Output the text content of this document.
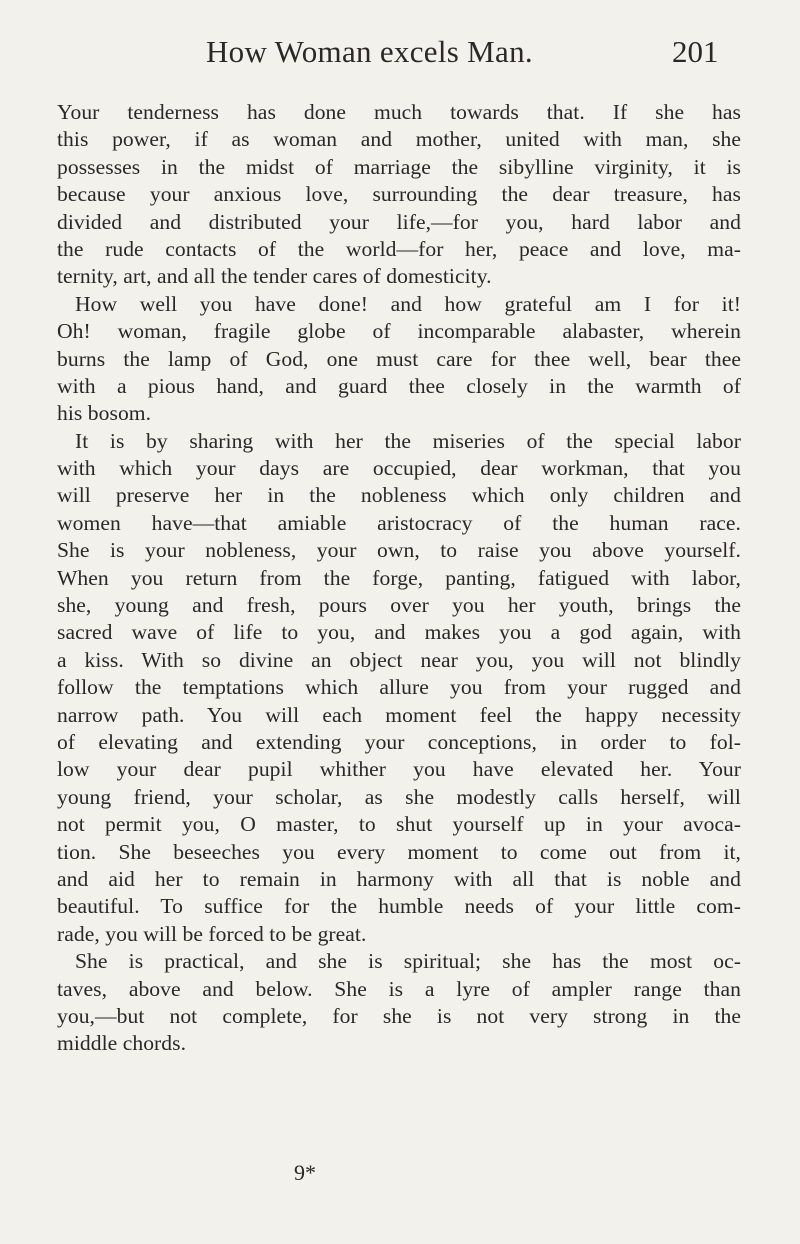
How Woman excels Man.	201
Your tenderness has done much towards that. If she has
this power, if as woman and mother, united with man, she
possesses in the midst of marriage the sibylline virginity, it is
because your anxious love, surrounding the dear treasure, has
divided and distributed your life,—for you, hard labor and
the rude contacts of the world—for her, peace and love, ma-
ternity, art, and all the tender cares of domesticity.
How well you have done! and how grateful am I for it!
Oh! woman, fragile globe of incomparable alabaster, wherein
burns the lamp of God, one must care for thee well, bear thee
with a pious hand, and guard thee closely in the warmth of
his bosom.
It is by sharing with her the miseries of the special labor
with which your days are occupied, dear workman, that you
will preserve her in the nobleness which only children and
women have—that amiable aristocracy of the human race.
She is your nobleness, your own, to raise you above yourself.
When you return from the forge, panting, fatigued with labor,
she, young and fresh, pours over you her youth, brings the
sacred wave of life to you, and makes you a god again, with
a kiss. With so divine an object near you, you will not blindly
follow the temptations which allure you from your rugged and
narrow path. You will each moment feel the happy necessity
of elevating and extending your conceptions, in order to fol-
low your dear pupil whither you have elevated her. Your
young friend, your scholar, as she modestly calls herself, will
not permit you, O master, to shut yourself up in your avoca-
tion. She beseeches you every moment to come out from it,
and aid her to remain in harmony with all that is noble and
beautiful. To suffice for the humble needs of your little com-
rade, you will be forced to be great.
She is practical, and she is spiritual; she has the most oc-
taves, above and below. She is a lyre of ampler range than
you,—but not complete, for she is not very strong in the
middle chords.
9*
